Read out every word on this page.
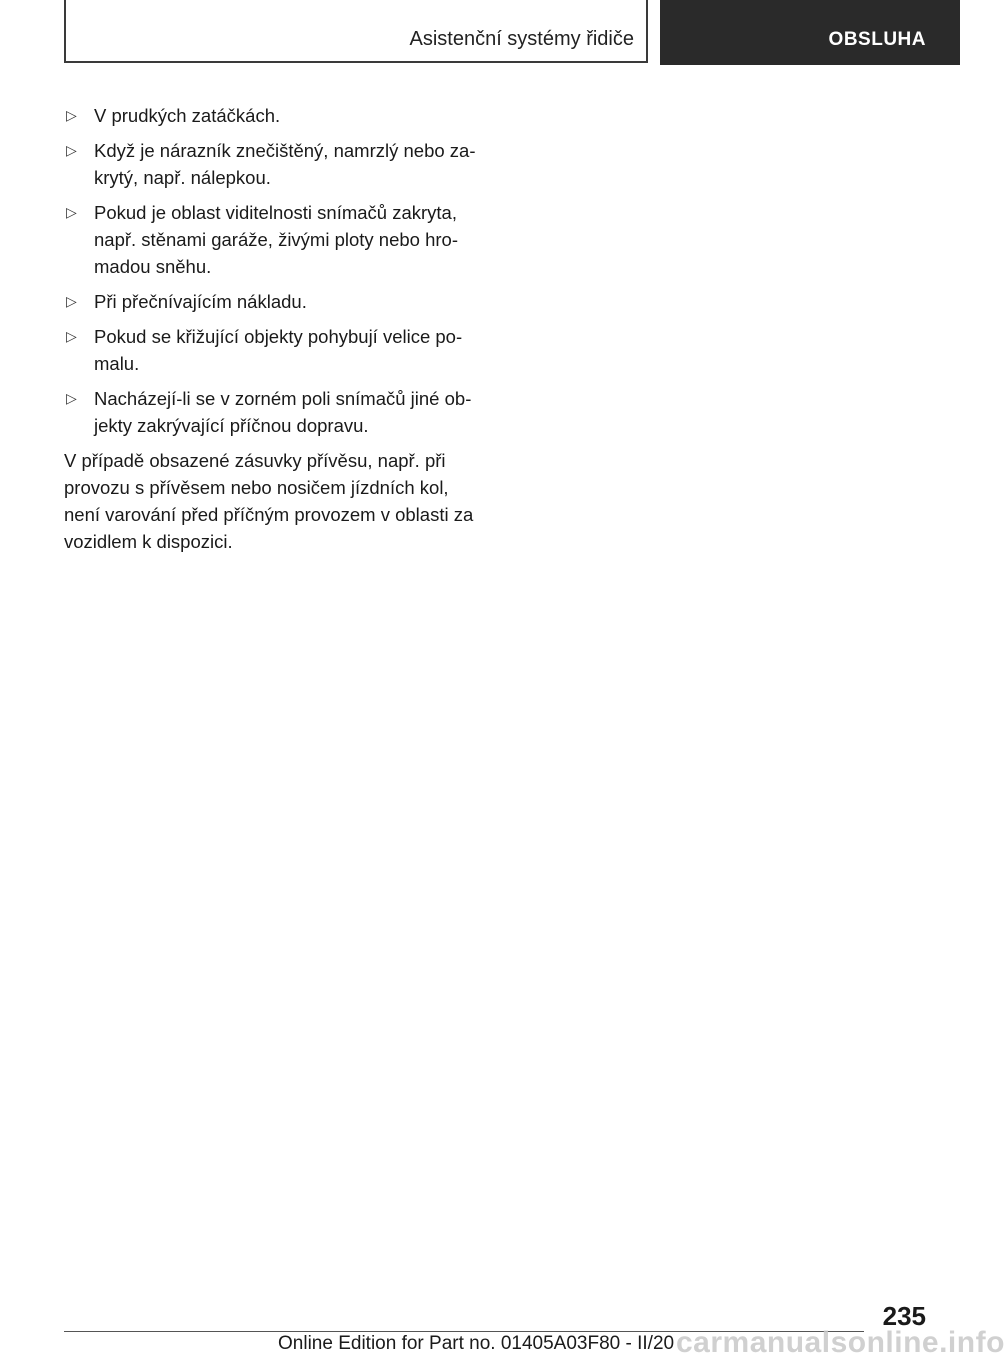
Asistenční systémy řidiče	OBSLUHA
▷ V prudkých zatáčkách.
▷ Když je nárazník znečištěný, namrzlý nebo za- krytý, např. nálepkou.
▷ Pokud je oblast viditelnosti snímačů zakryta, např. stěnami garáže, živými ploty nebo hro- madou sněhu.
▷ Při přečnívajícím nákladu.
▷ Pokud se křižující objekty pohybují velice po- malu.
▷ Nacházejí-li se v zorném poli snímačů jiné ob- jekty zakrývající příčnou dopravu.

V případě obsazené zásuvky přívěsu, např. při provozu s přívěsem nebo nosičem jízdních kol, není varování před příčným provozem v oblasti za vozidlem k dispozici.

235
Online Edition for Part no. 01405A03F80 - II/20 carmanualsonline.info
